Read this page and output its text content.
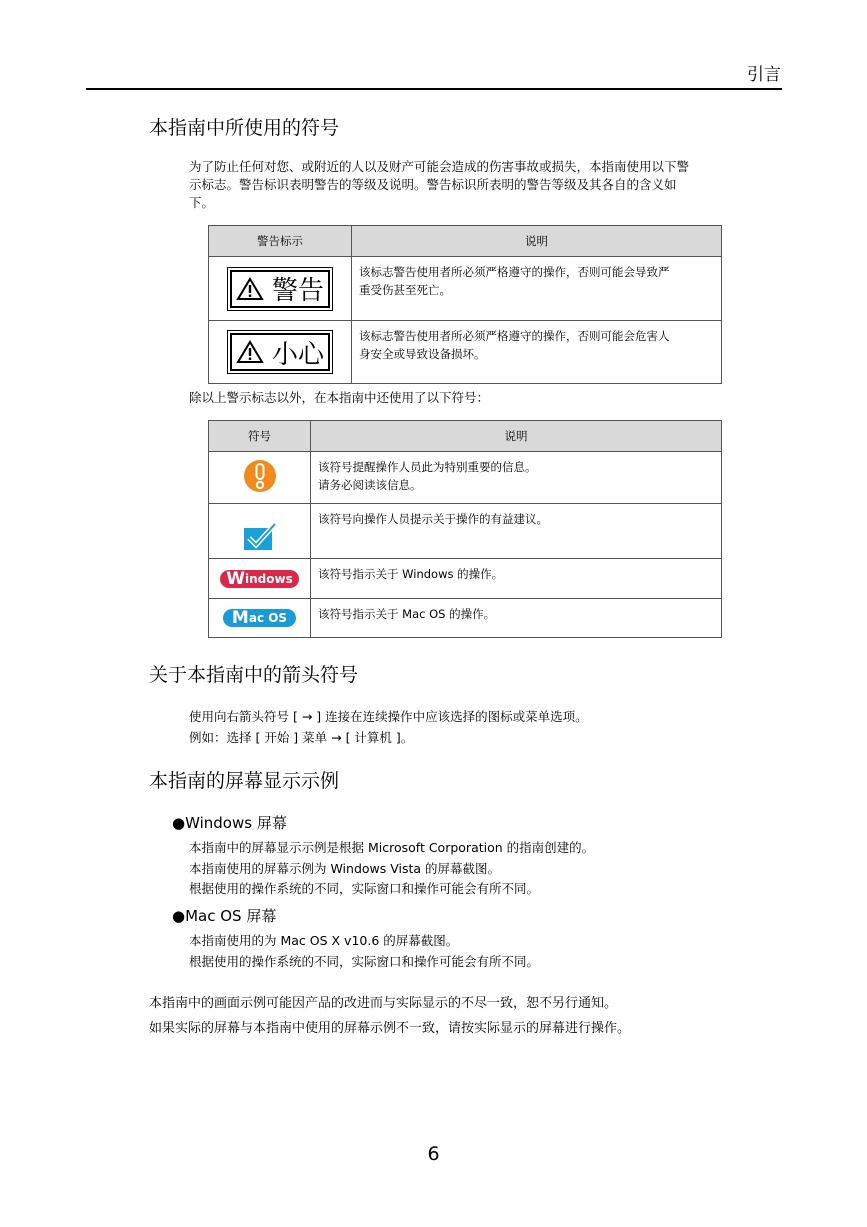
引言
本指南中所使用的符号
为了防止任何对您、或附近的人以及财产可能会造成的伤害事故或损失，本指南使用以下警
示标志。警告标识表明警告的等级及说明。警告标识所表明的警告等级及其各自的含义如
下。
警告标示	说明

警告	该标志警告使用者所必须严格遵守的操作，否则可能会导致严
重受伤甚至死亡。

小心	该标志警告使用者所必须严格遵守的操作，否则可能会危害人
身安全或导致设备损坏。
除以上警示标志以外，在本指南中还使用了以下符号：
符号	说明

该符号提醒操作人员此为特别重要的信息。
请务必阅读该信息。

该符号向操作人员提示关于操作的有益建议。

W indows	该符号指示关于 Windows 的操作。

M ac OS	该符号指示关于 Mac OS 的操作。
关于本指南中的箭头符号
使用向右箭头符号 [ → ] 连接在连续操作中应该选择的图标或菜单选项。
例如：选择 [ 开始 ] 菜单 → [ 计算机 ]。
本指南的屏幕显示示例
●Windows 屏幕
本指南中的屏幕显示示例是根据 Microsoft Corporation 的指南创建的。
本指南使用的屏幕示例为 Windows Vista 的屏幕截图。
根据使用的操作系统的不同，实际窗口和操作可能会有所不同。
●Mac OS 屏幕
本指南使用的为 Mac OS X v10.6 的屏幕截图。
根据使用的操作系统的不同，实际窗口和操作可能会有所不同。
本指南中的画面示例可能因产品的改进而与实际显示的不尽一致，恕不另行通知。
如果实际的屏幕与本指南中使用的屏幕示例不一致，请按实际显示的屏幕进行操作。
6
